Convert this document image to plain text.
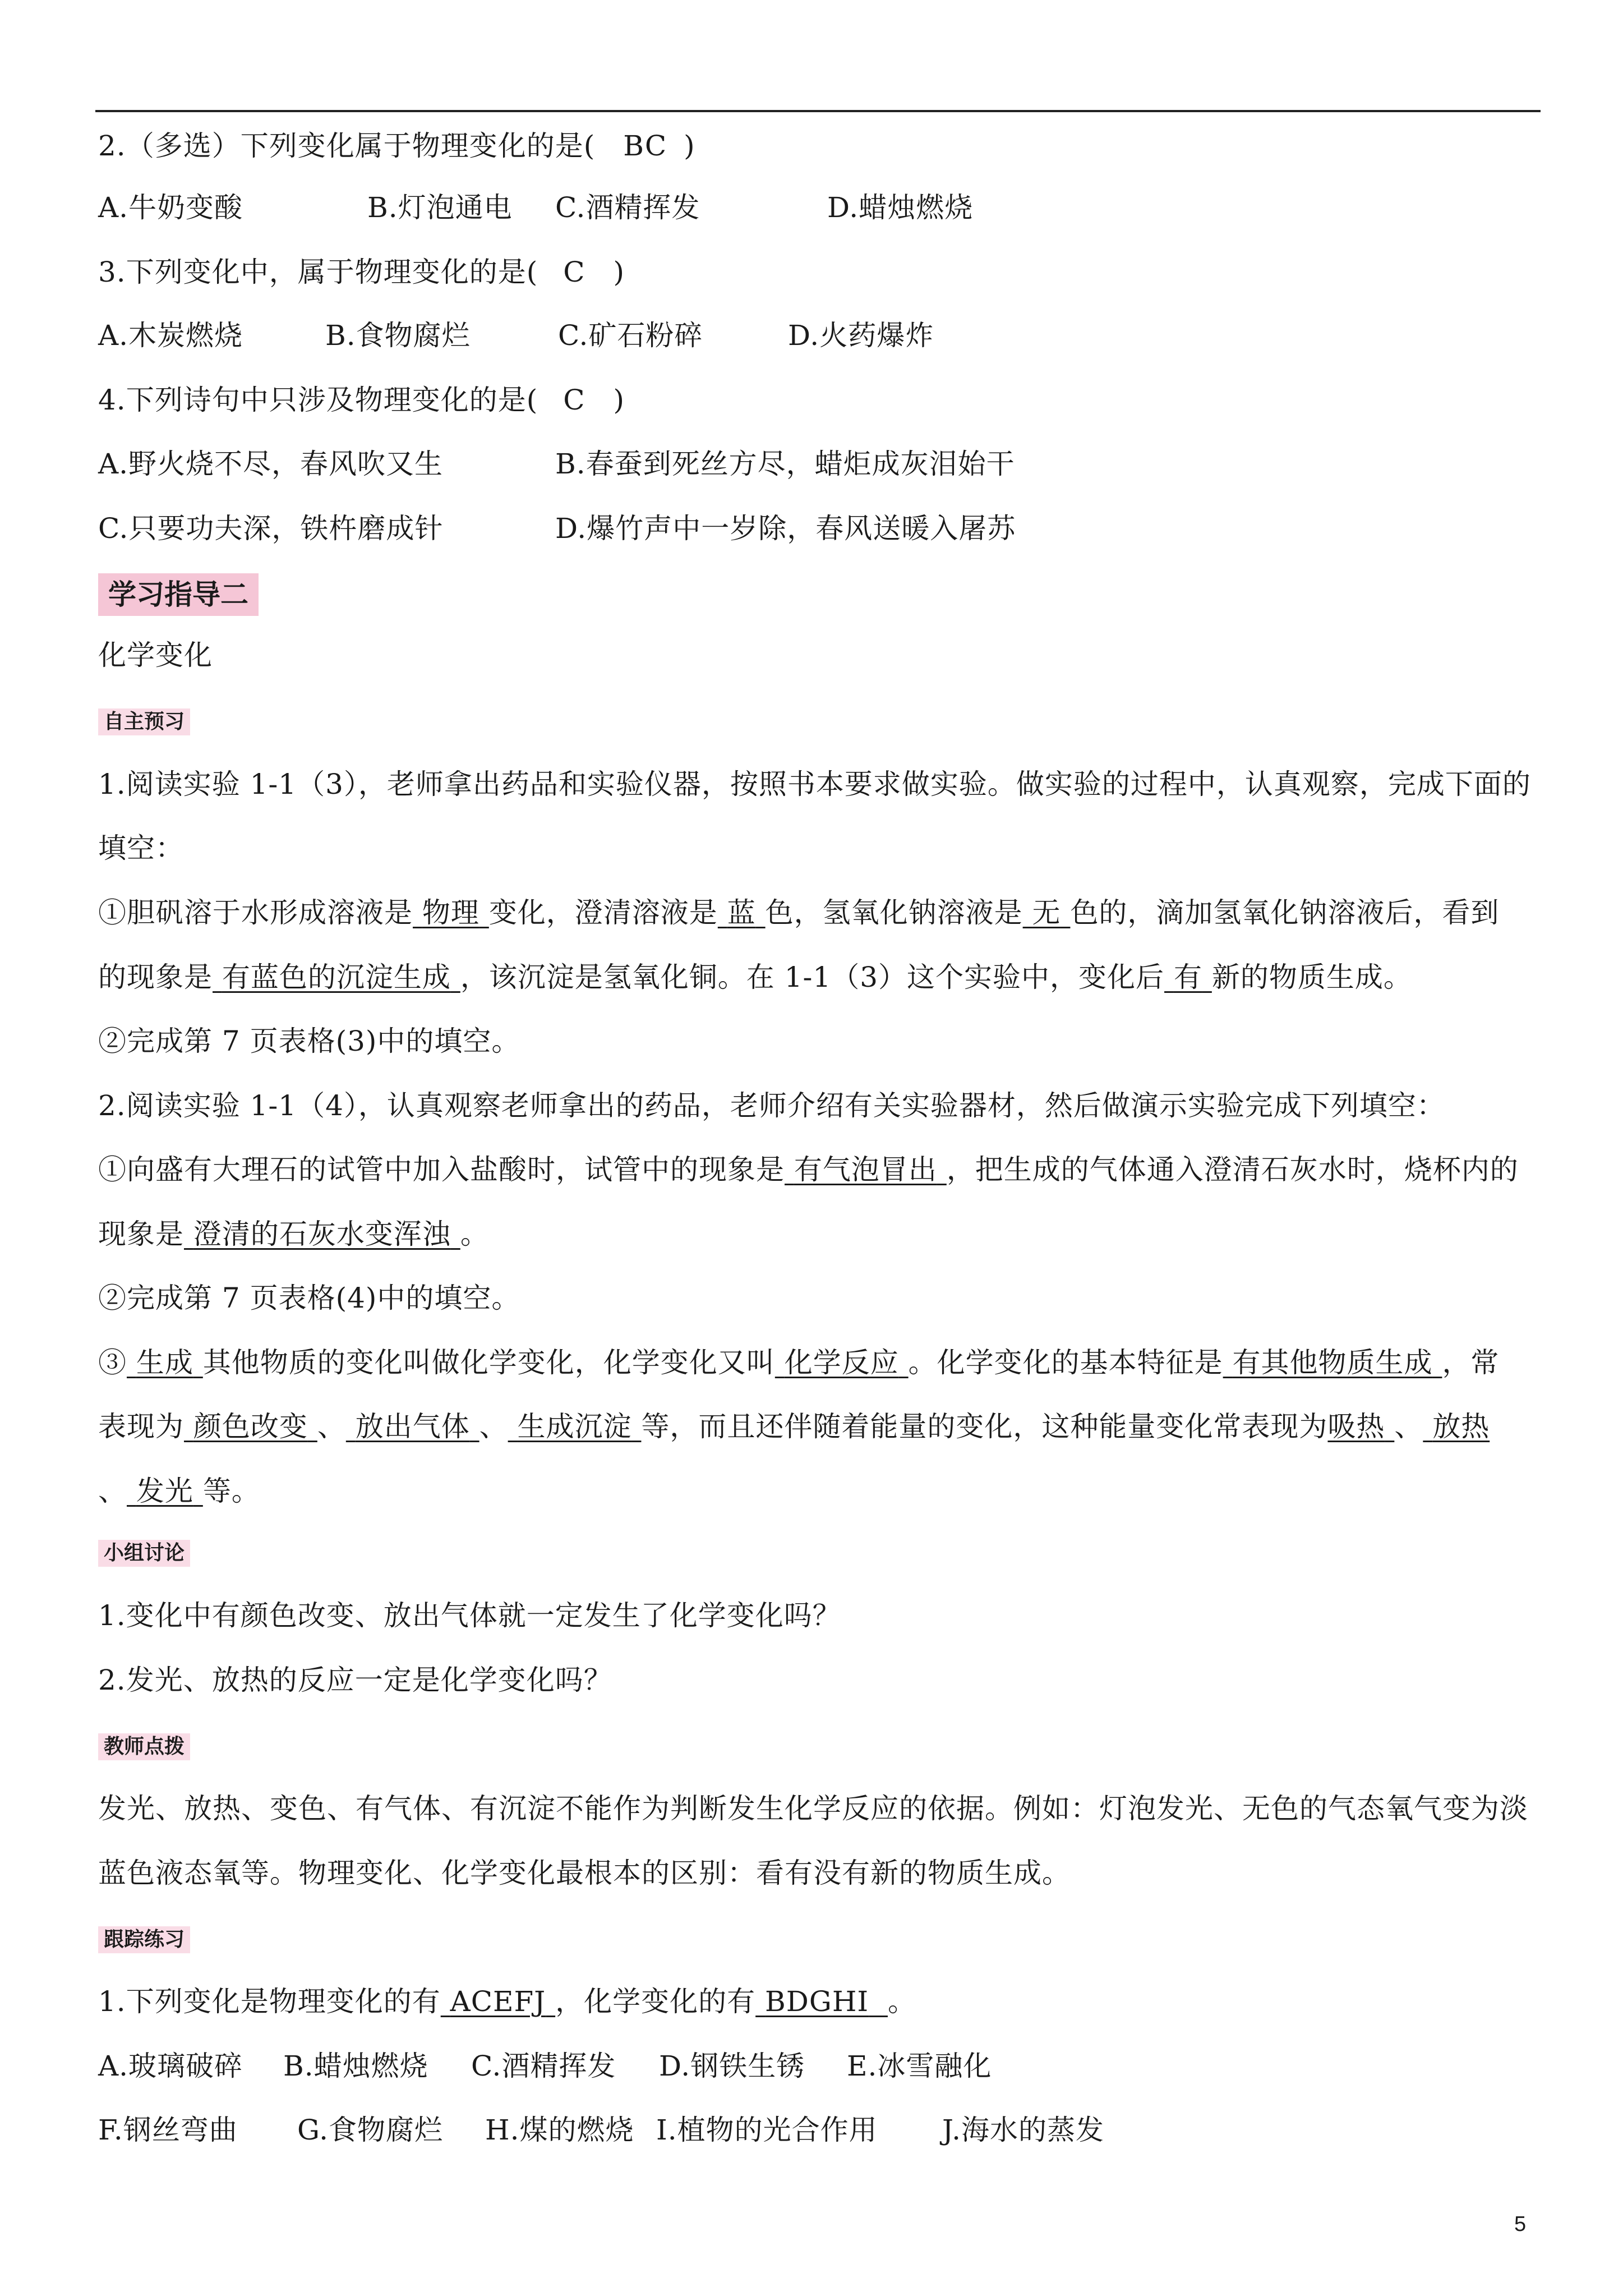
2.（多选）下列变化属于物理变化的是( BC )
A.牛奶变酸	B.灯泡通电 C.酒精挥发	D.蜡烛燃烧
3.下列变化中，属于物理变化的是( C )
A.木炭燃烧	B.食物腐烂	C.矿石粉碎	D.火药爆炸
4.下列诗句中只涉及物理变化的是( C )
A.野火烧不尽，春风吹又生	B.春蚕到死丝方尽，蜡炬成灰泪始干
C.只要功夫深，铁杵磨成针	D.爆竹声中一岁除，春风送暖入屠苏
学习指导二
化学变化
自主预习
1.阅读实验 1-1（3），老师拿出药品和实验仪器，按照书本要求做实验。做实验的过程中，认真观察，完成下面的
填空：
①胆矾溶于水形成溶液是 物理 变化，澄清溶液是 蓝 色，氢氧化钠溶液是 无 色的，滴加氢氧化钠溶液后，看到
的现象是 有蓝色的沉淀生成 ，该沉淀是氢氧化铜。在 1-1（3）这个实验中，变化后 有 新的物质生成。
②完成第 7 页表格(3)中的填空。
2.阅读实验 1-1（4），认真观察老师拿出的药品，老师介绍有关实验器材，然后做演示实验完成下列填空：
①向盛有大理石的试管中加入盐酸时，试管中的现象是 有气泡冒出 ，把生成的气体通入澄清石灰水时，烧杯内的
现象是 澄清的石灰水变浑浊 。
②完成第 7 页表格(4)中的填空。
③ 生成 其他物质的变化叫做化学变化，化学变化又叫 化学反应 。化学变化的基本特征是 有其他物质生成 ，常
表现为 颜色改变 、 放出气体 、 生成沉淀 等，而且还伴随着能量的变化，这种能量变化常表现为吸热 、 放热
、 发光 等。
小组讨论
1.变化中有颜色改变、放出气体就一定发生了化学变化吗？
2.发光、放热的反应一定是化学变化吗？
教师点拨
发光、放热、变色、有气体、有沉淀不能作为判断发生化学反应的依据。例如：灯泡发光、无色的气态氧气变为淡
蓝色液态氧等。物理变化、化学变化最根本的区别：看有没有新的物质生成。
跟踪练习
1.下列变化是物理变化的有 ACEFJ ，化学变化的有 BDGHI 。
A.玻璃破碎 B.蜡烛燃烧 C.酒精挥发 D.钢铁生锈 E.冰雪融化
F.钢丝弯曲 G.食物腐烂 H.煤的燃烧 I.植物的光合作用 J.海水的蒸发
5
